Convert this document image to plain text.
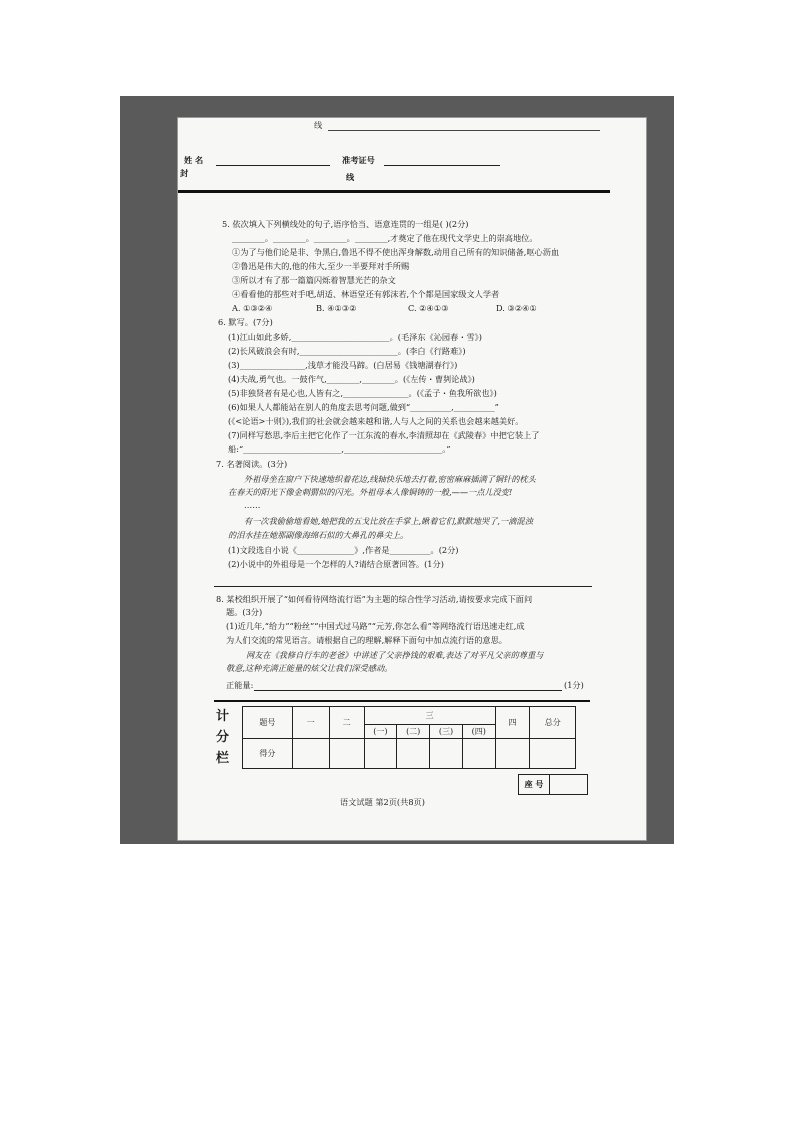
线
姓 名	准考证号
封	线
5. 依次填入下列横线处的句子,语序恰当、语意连贯的一组是( )(2分)
________。________。________。________,才奠定了他在现代文学史上的崇高地位。
①为了与他们论是非、争黑白,鲁迅不得不使出浑身解数,动用自己所有的知识储备,呕心沥血
②鲁迅是伟大的,他的伟大,至少一半要拜对手所赐
③所以才有了那一篇篇闪烁着智慧光芒的杂文
④看看他的那些对手吧,胡适、林语堂还有郭沫若,个个都是国家级文人学者
A. ①③②④	B. ④①③②	C. ②④①③	D. ③②④①
6. 默写。(7分)
(1)江山如此多娇,________________________。(毛泽东《沁园春・雪》)
(2)长风破浪会有时,________________________。(李白《行路难》)
(3)________________,浅草才能没马蹄。(白居易《钱塘湖春行》)
(4)夫战,勇气也。一鼓作气,________,________。(《左传・曹刿论战》)
(5)非独贤者有是心也,人皆有之,________________。(《孟子・鱼我所欲也》)
(6)如果人人都能站在别人的角度去思考问题,做到“__________,__________”
(《<论语>十则》),我们的社会就会越来越和谐,人与人之间的关系也会越来越美好。
(7)同样写愁思,李后主把它化作了一江东流的春水,李清照却在《武陵春》中把它装上了
船:“________________________,________________________。”
7. 名著阅读。(3分)
外祖母坐在窗户下快速地织着花边,线轴快乐地去打着,密密麻麻插满了铜针的枕头
在春天的阳光下像金刺猬似的闪光。外祖母本人像铜铸的一般,——一点儿没变!
……
有一次我偷偷地看她,她把我的五戈比放在手掌上,瞅着它们,默默地哭了,一滴混浊
的泪水挂在她那副像海绵石似的大鼻孔的鼻尖上。
(1)文段选自小说《______________》,作者是__________。(2分)
(2)小说中的外祖母是一个怎样的人?请结合原著回答。(1分)
8. 某校组织开展了“如何看待网络流行语”为主题的综合性学习活动,请按要求完成下面问
题。(3分)
(1)近几年,“给力”“粉丝”“中国式过马路”“元芳,你怎么看”等网络流行语迅速走红,成
为人们交流的常见语言。请根据自己的理解,解释下面句中加点流行语的意思。
网友在《我修自行车的老爸》中讲述了父亲挣钱的艰难,表达了对平凡父亲的尊重与
敬意,这种充满正能量的炫父让我们深受感动。
正能量:	(1分)
计
分
栏
题号	一	二	三				四	总分
			(一)	(二)	(三)	(四)		
得分								
座 号	
语文试题 第2页(共8页)
